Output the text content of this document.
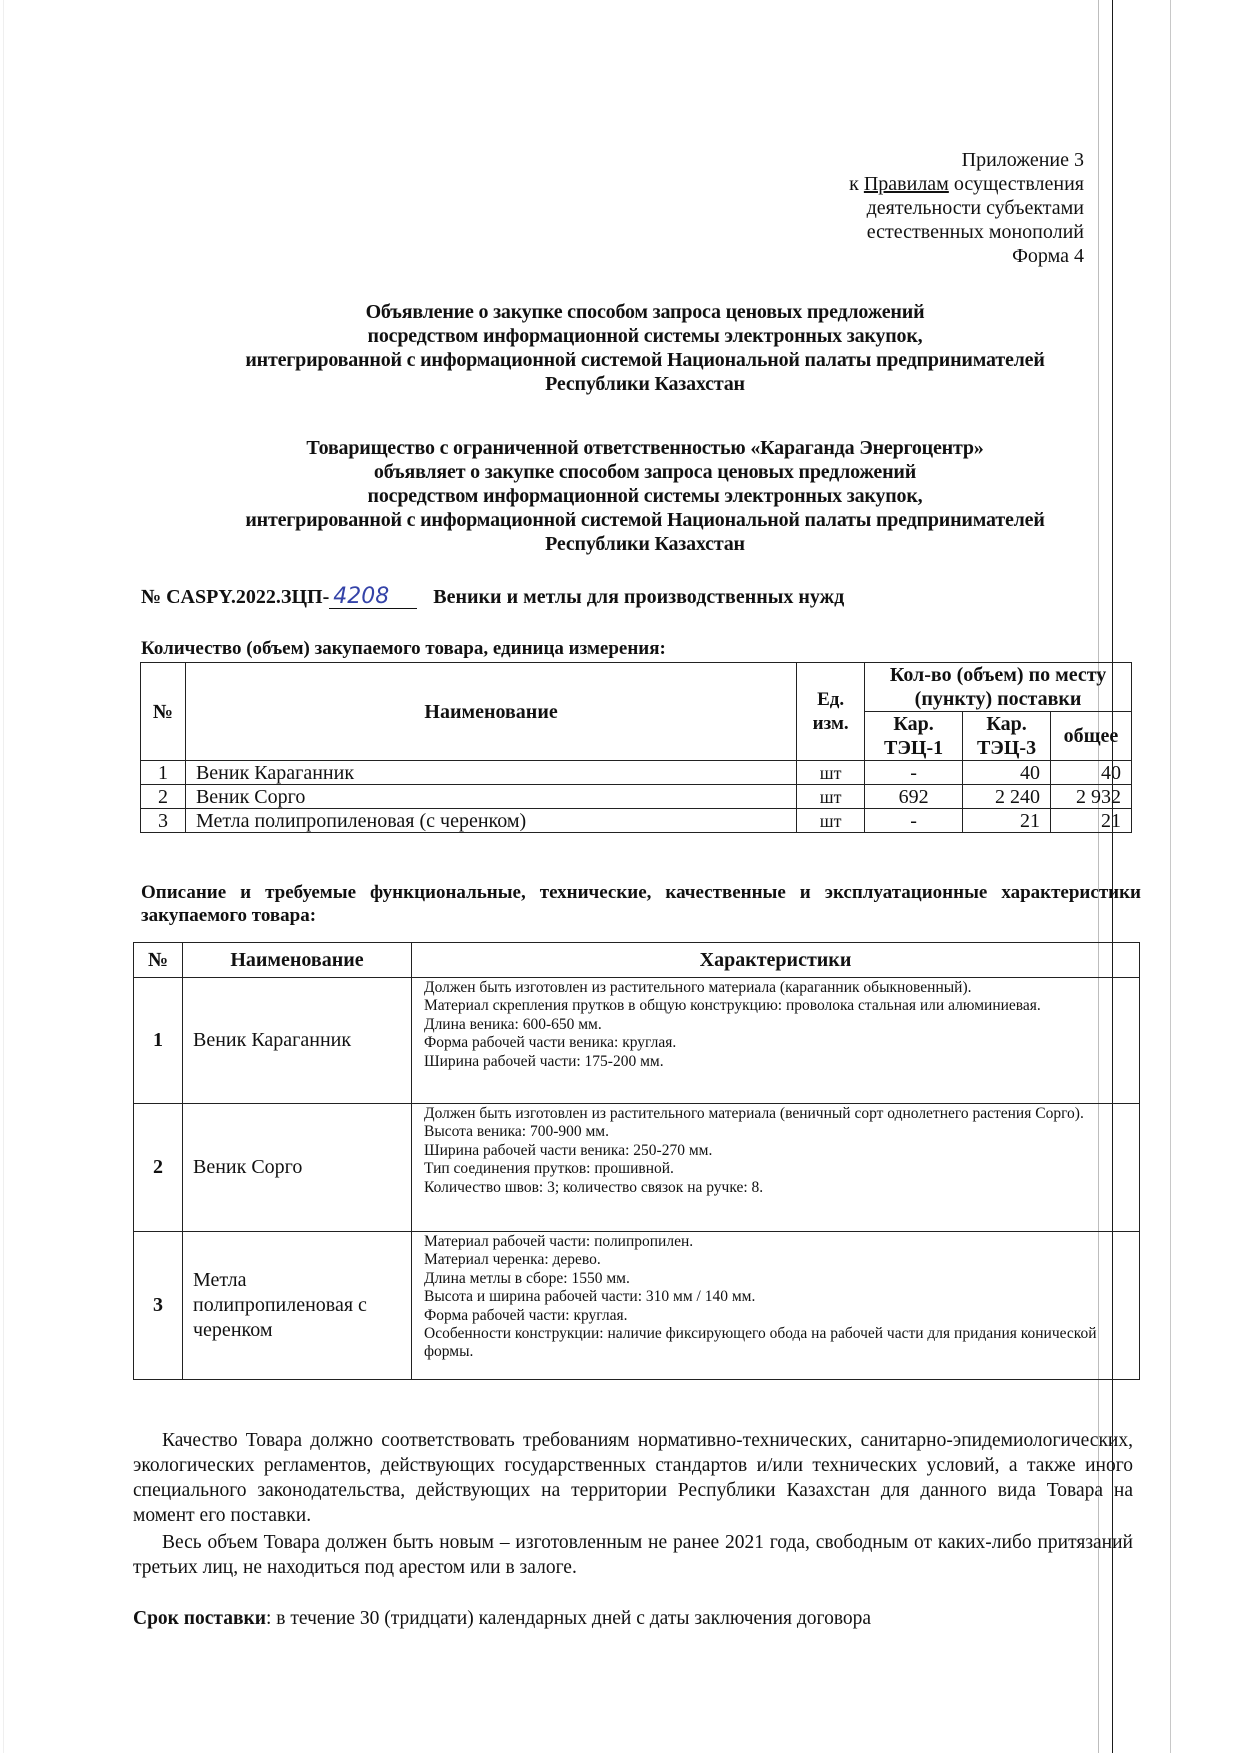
Приложение 3
к Правилам осуществления
деятельности субъектами
естественных монополий
Форма 4
Объявление о закупке способом запроса ценовых предложений
посредством информационной системы электронных закупок,
интегрированной с информационной системой Национальной палаты предпринимателей
Республики Казахстан
Товарищество с ограниченной ответственностью «Караганда Энергоцентр»
объявляет о закупке способом запроса ценовых предложений
посредством информационной системы электронных закупок,
интегрированной с информационной системой Национальной палаты предпринимателей
Республики Казахстан
№ CASPY.2022.ЗЦП- 4208 Веники и метлы для производственных нужд
Количество (объем) закупаемого товара, единица измерения:
№	Наименование	Ед. изм.	Кол-во (объем) по месту (пункту) поставки		
			Кар. ТЭЦ-1	Кар. ТЭЦ-3	общее
1	Веник Караганник	шт	-	40	40
2	Веник Сорго	шт	692	2 240	2 932
3	Метла полипропиленовая (с черенком)	шт	-	21	21
Описание и требуемые функциональные, технические, качественные и эксплуатационные характеристики закупаемого товара:
№	Наименование	Характеристики
1	Веник Караганник	Должен быть изготовлен из растительного материала (караганник обыкновенный).
Материал скрепления прутков в общую конструкцию: проволока стальная или алюминиевая.
Длина веника: 600-650 мм.
Форма рабочей части веника: круглая.
Ширина рабочей части: 175-200 мм.

2	Веник Сорго	Должен быть изготовлен из растительного материала (веничный сорт однолетнего растения Сорго).
Высота веника: 700-900 мм.
Ширина рабочей части веника: 250-270 мм.
Тип соединения прутков: прошивной.
Количество швов: 3; количество связок на ручке: 8.

3	Метла полипропиленовая с черенком	
Материал рабочей части: полипропилен.
Материал черенка: дерево.
Длина метлы в сборе: 1550 мм.
Высота и ширина рабочей части: 310 мм / 140 мм.
Форма рабочей части: круглая.
Особенности конструкции: наличие фиксирующего обода на рабочей части для придания конической формы.
Качество Товара должно соответствовать требованиям нормативно-технических, санитарно-эпидемиологических, экологических регламентов, действующих государственных стандартов и/или технических условий, а также иного специального законодательства, действующих на территории Республики Казахстан для данного вида Товара на момент его поставки.
Весь объем Товара должен быть новым – изготовленным не ранее 2021 года, свободным от каких-либо притязаний третьих лиц, не находиться под арестом или в залоге.
Срок поставки: в течение 30 (тридцати) календарных дней с даты заключения договора
